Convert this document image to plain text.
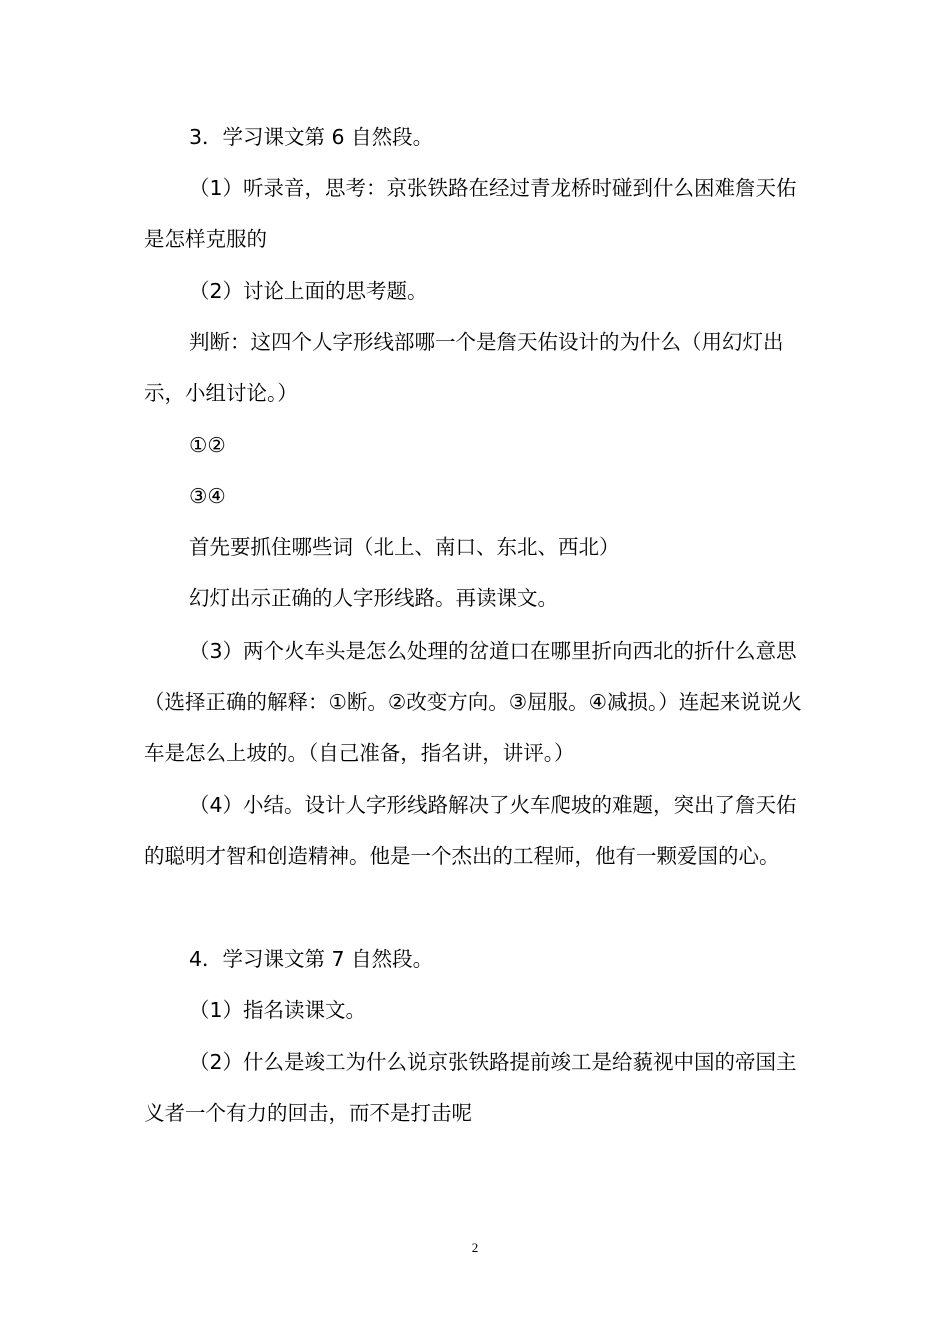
3．学习课文第 6 自然段。

（1）听录音，思考：京张铁路在经过青龙桥时碰到什么困难詹天佑是怎样克服的

（2）讨论上面的思考题。

判断：这四个人字形线部哪一个是詹天佑设计的为什么（用幻灯出示，小组讨论。）

①②

③④

首先要抓住哪些词（北上、南口、东北、西北）

幻灯出示正确的人字形线路。再读课文。

（3）两个火车头是怎么处理的岔道口在哪里折向西北的折什么意思（选择正确的解释：①断。②改变方向。③屈服。④减损。）连起来说说火车是怎么上坡的。（自己准备，指名讲，讲评。）

（4）小结。设计人字形线路解决了火车爬坡的难题，突出了詹天佑的聪明才智和创造精神。他是一个杰出的工程师，他有一颗爱国的心。

4．学习课文第 7 自然段。

（1）指名读课文。

（2）什么是竣工为什么说京张铁路提前竣工是给藐视中国的帝国主义者一个有力的回击，而不是打击呢

2
